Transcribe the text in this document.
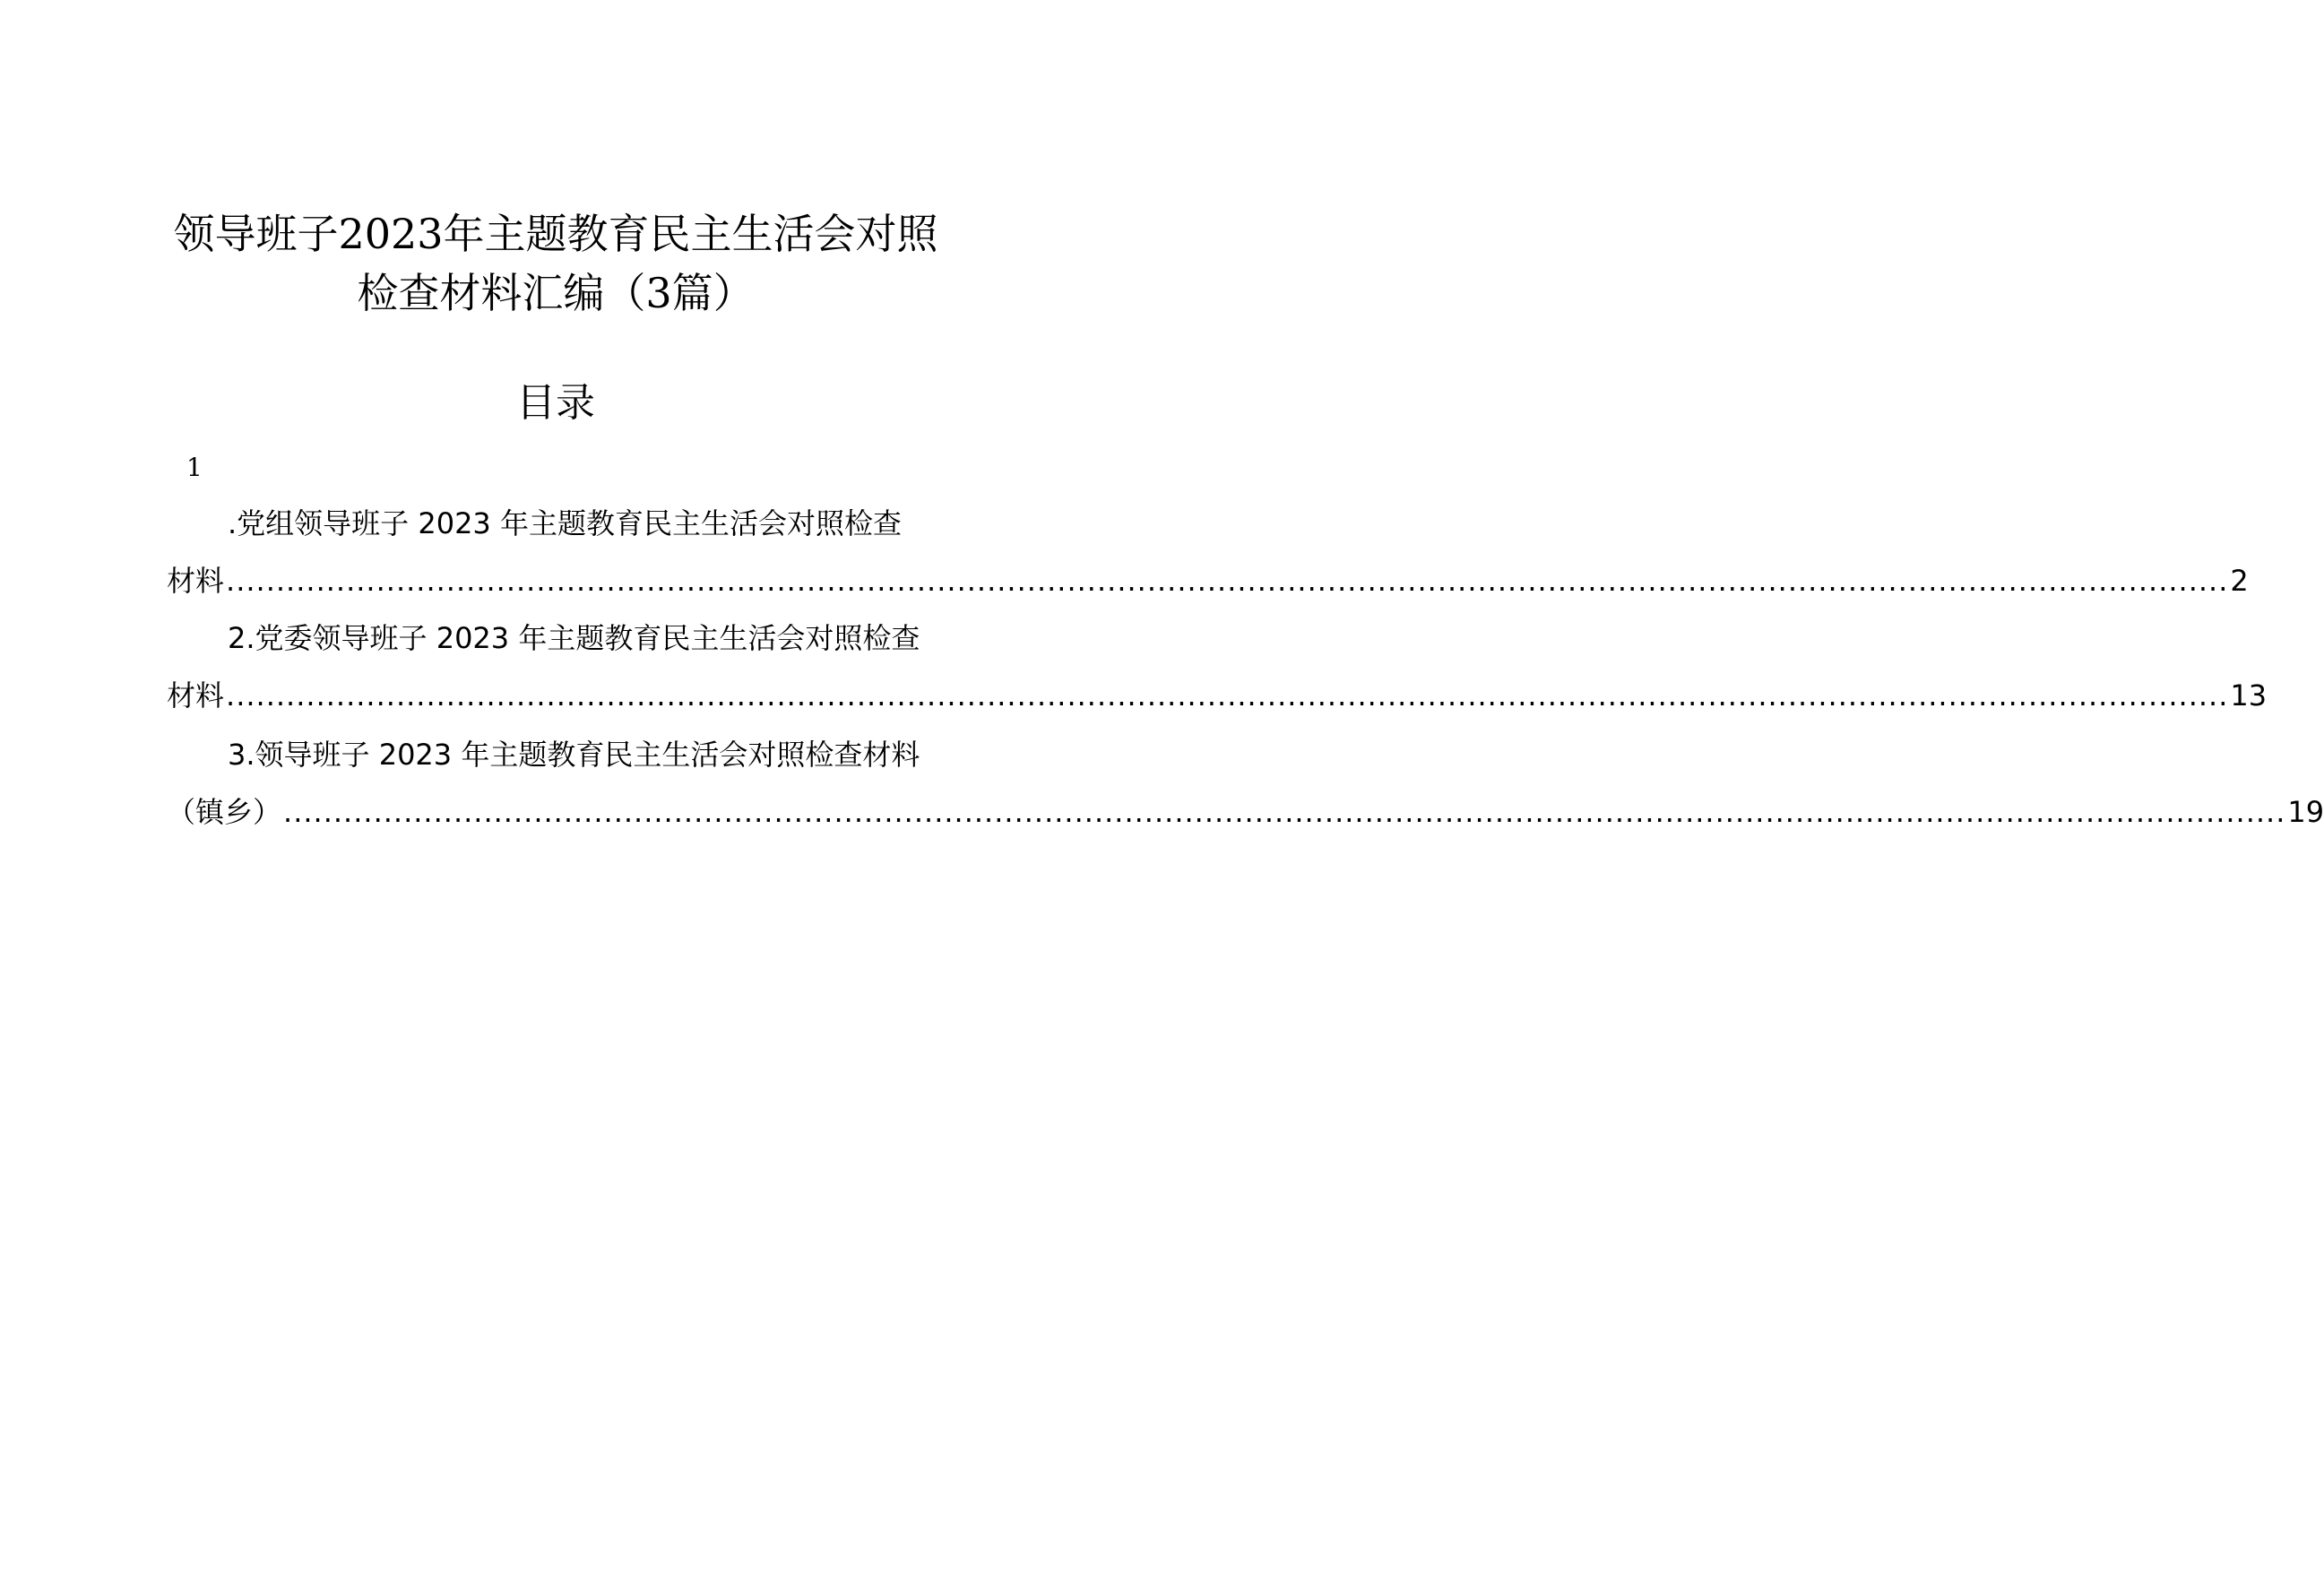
领导班子2023年主题教育民主生活会对照
检查材料汇编（3篇）
目录
1
.党组领导班子 2023 年主题教育民主生活会对照检查
材料 ........................................................................................................................................................................................................ 2
2.党委领导班子 2023 年主题教育民主生活会对照检查
材料 ........................................................................................................................................................................................................ 13
3.领导班子 2023 年主题教育民主生活会对照检查材料
（镇乡） ........................................................................................................................................................................................................ 19
